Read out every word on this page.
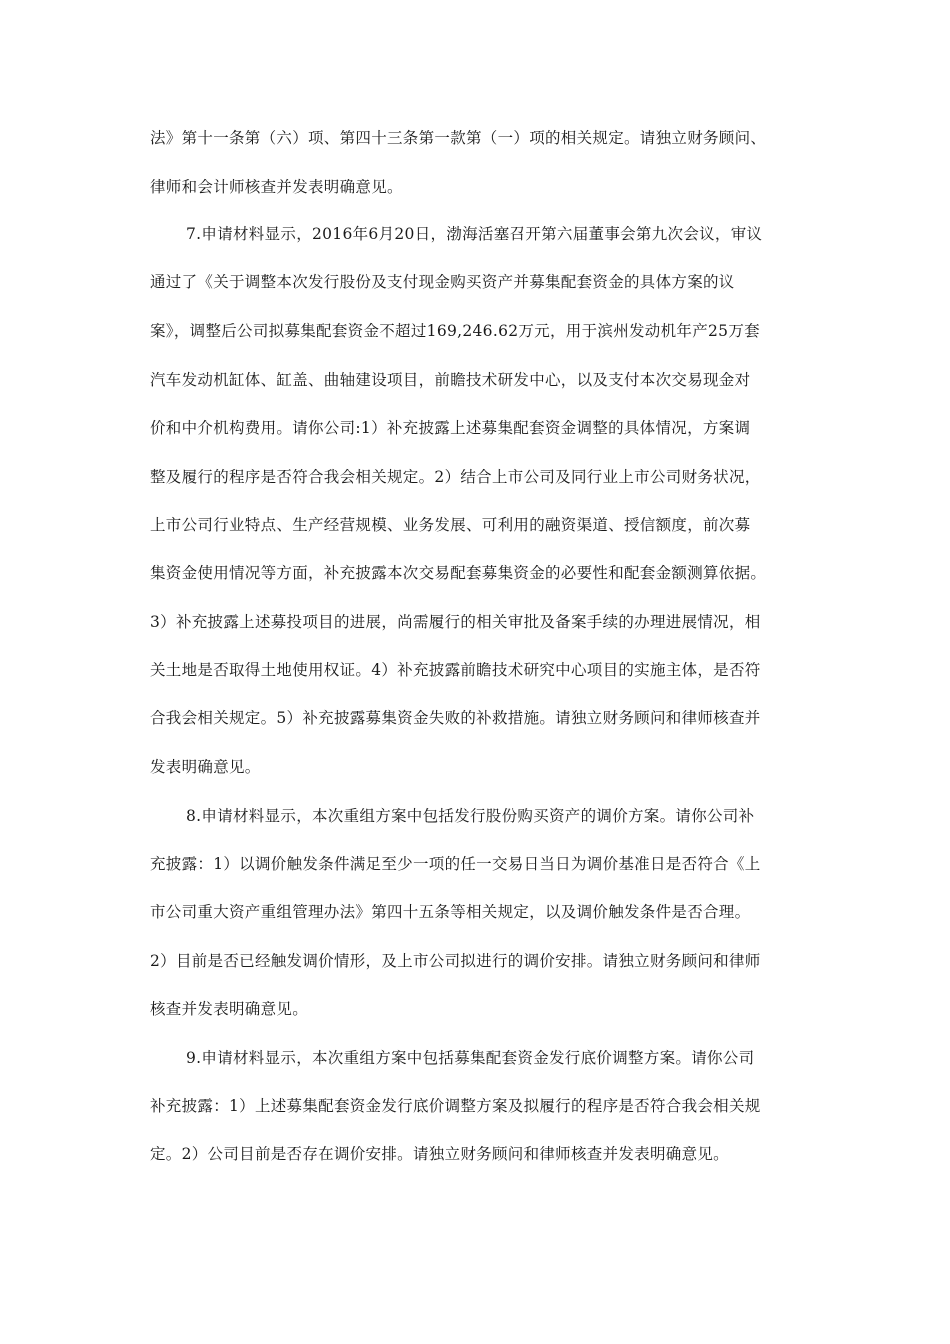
法》第十一条第（六）项、第四十三条第一款第（一）项的相关规定。请独立财务顾问、
律师和会计师核查并发表明确意见。
7.申请材料显示，2016年6月20日，渤海活塞召开第六届董事会第九次会议，审议
通过了《关于调整本次发行股份及支付现金购买资产并募集配套资金的具体方案的议
案》，调整后公司拟募集配套资金不超过169,246.62万元，用于滨州发动机年产25万套
汽车发动机缸体、缸盖、曲轴建设项目，前瞻技术研发中心，以及支付本次交易现金对
价和中介机构费用。请你公司:1）补充披露上述募集配套资金调整的具体情况，方案调
整及履行的程序是否符合我会相关规定。2）结合上市公司及同行业上市公司财务状况，
上市公司行业特点、生产经营规模、业务发展、可利用的融资渠道、授信额度，前次募
集资金使用情况等方面，补充披露本次交易配套募集资金的必要性和配套金额测算依据。
3）补充披露上述募投项目的进展，尚需履行的相关审批及备案手续的办理进展情况，相
关土地是否取得土地使用权证。4）补充披露前瞻技术研究中心项目的实施主体，是否符
合我会相关规定。5）补充披露募集资金失败的补救措施。请独立财务顾问和律师核查并
发表明确意见。
8.申请材料显示，本次重组方案中包括发行股份购买资产的调价方案。请你公司补
充披露：1）以调价触发条件满足至少一项的任一交易日当日为调价基准日是否符合《上
市公司重大资产重组管理办法》第四十五条等相关规定，以及调价触发条件是否合理。
2）目前是否已经触发调价情形，及上市公司拟进行的调价安排。请独立财务顾问和律师
核查并发表明确意见。
9.申请材料显示，本次重组方案中包括募集配套资金发行底价调整方案。请你公司
补充披露：1）上述募集配套资金发行底价调整方案及拟履行的程序是否符合我会相关规
定。2）公司目前是否存在调价安排。请独立财务顾问和律师核查并发表明确意见。
